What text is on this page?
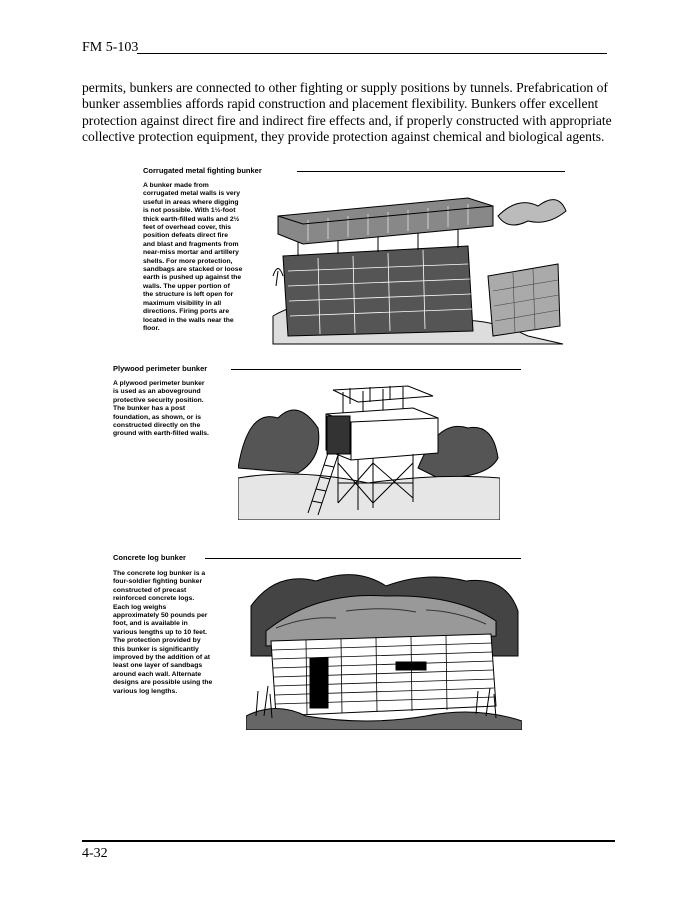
FM 5-103
permits, bunkers are connected to other fighting or supply positions by tunnels. Prefabrication of bunker assemblies affords rapid construction and placement flexibility. Bunkers offer excellent protection against direct fire and indirect fire effects and, if properly constructed with appropriate collective protection equipment, they provide protection against chemical and biological agents.
Corrugated metal fighting bunker
A bunker made from
corrugated metal walls is very
useful in areas where digging
is not possible. With 1½-foot
thick earth-filled walls and 2½
feet of overhead cover, this
position defeats direct fire
and blast and fragments from
near-miss mortar and artillery
shells. For more protection,
sandbags are stacked or loose
earth is pushed up against the
walls. The upper portion of
the structure is left open for
maximum visibility in all
directions. Firing ports are
located in the walls near the
floor.
Plywood perimeter bunker
A plywood perimeter bunker
is used as an aboveground
protective security position.
The bunker has a post
foundation, as shown, or is
constructed directly on the
ground with earth-filled walls.
Concrete log bunker
The concrete log bunker is a
four-soldier fighting bunker
constructed of precast
reinforced concrete logs.
Each log weighs
approximately 50 pounds per
foot, and is available in
various lengths up to 10 feet.
The protection provided by
this bunker is significantly
improved by the addition of at
least one layer of sandbags
around each wall. Alternate
designs are possible using the
various log lengths.
4-32
